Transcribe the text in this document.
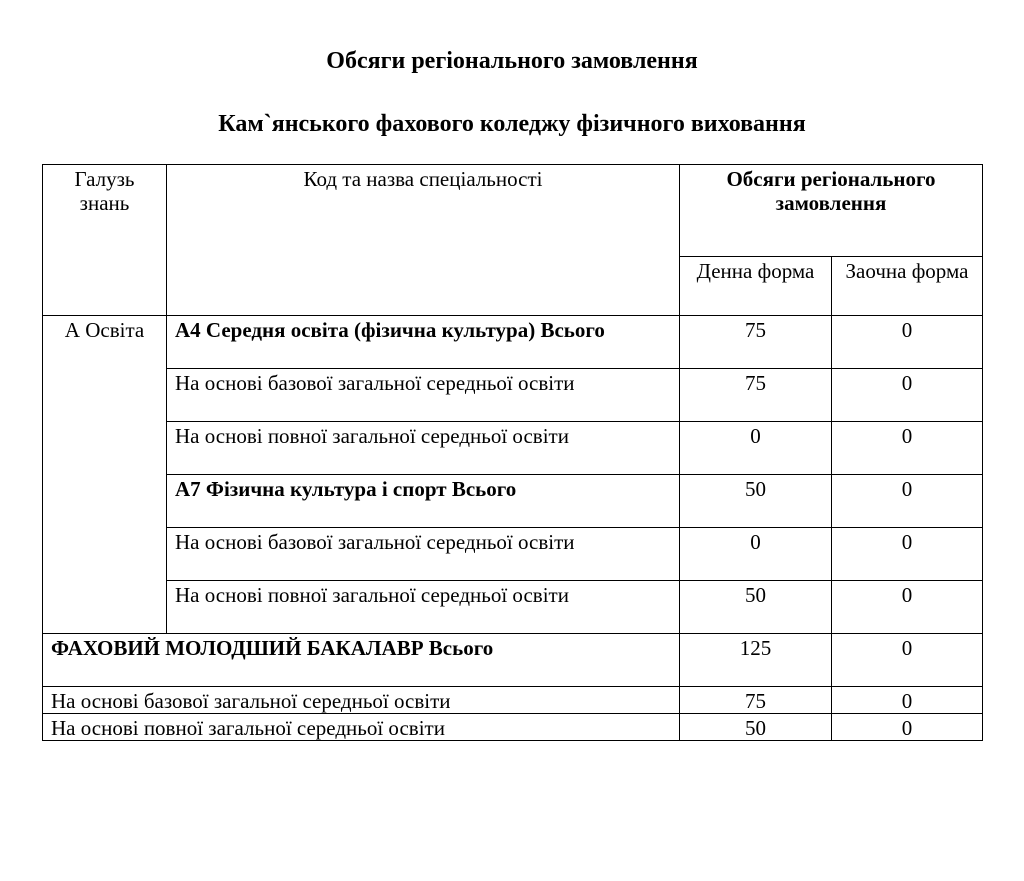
Обсяги регіонального замовлення
Кам`янського фахового коледжу фізичного виховання
Галузь знань	Код та назва спеціальності	Обсяги регіонального замовлення	
		Денна форма	Заочна форма
А Освіта	А4 Середня освіта (фізична культура) Всього	75	0
	На основі базової загальної середньої освіти	75	0
	На основі повної загальної середньої освіти	0	0
	А7 Фізична культура і спорт Всього	50	0
	На основі базової загальної середньої освіти	0	0
	На основі повної загальної середньої освіти	50	0
ФАХОВИЙ МОЛОДШИЙ БАКАЛАВР Всього		125	0
На основі базової загальної середньої освіти		75	0
На основі повної загальної середньої освіти		50	0
